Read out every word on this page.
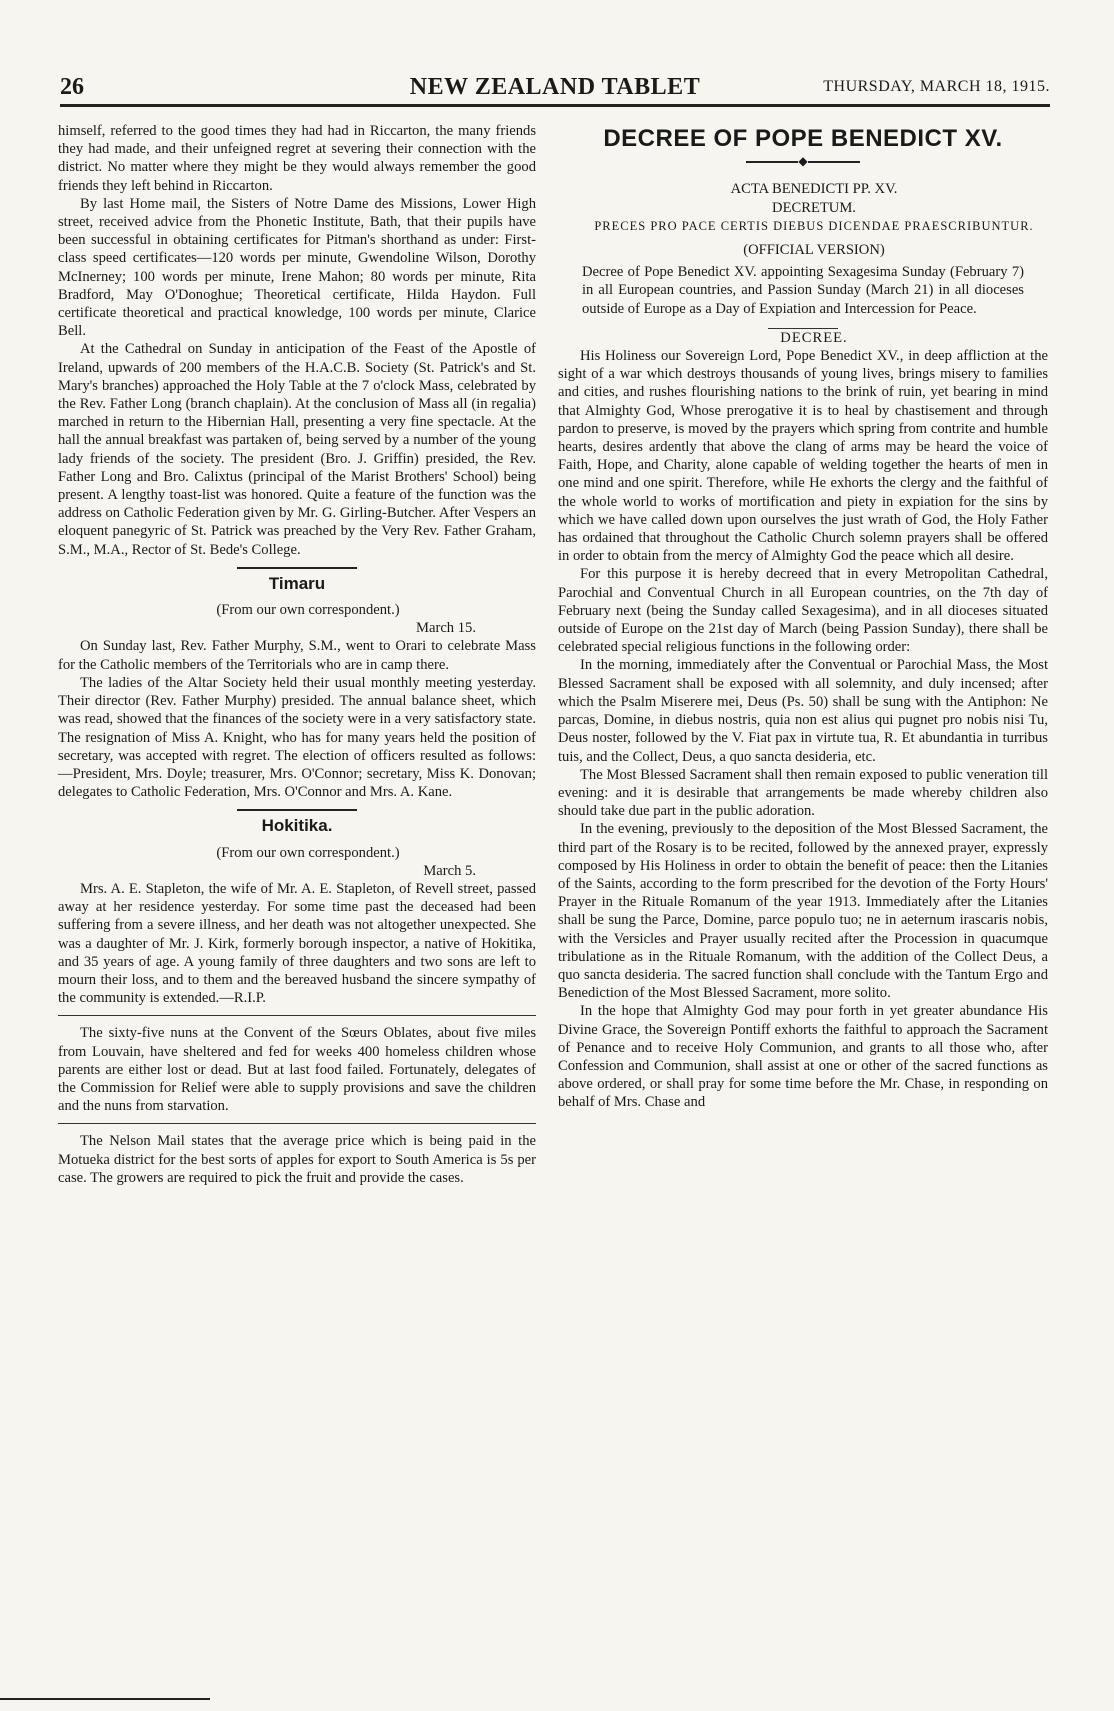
26	NEW ZEALAND TABLET	THURSDAY, MARCH 18, 1915.

himself, referred to the good times they had had in Riccarton, the many friends they had made, and their unfeigned regret at severing their connection with the district. No matter where they might be they would always remember the good friends they left behind in Riccarton.

By last Home mail, the Sisters of Notre Dame des Missions, Lower High street, received advice from the Phonetic Institute, Bath, that their pupils have been successful in obtaining certificates for Pitman's shorthand as under: First-class speed certificates—120 words per minute, Gwendoline Wilson, Dorothy McInerney; 100 words per minute, Irene Mahon; 80 words per minute, Rita Bradford, May O'Donoghue; Theoretical certificate, Hilda Haydon. Full certificate theoretical and practical knowledge, 100 words per minute, Clarice Bell.

At the Cathedral on Sunday in anticipation of the Feast of the Apostle of Ireland, upwards of 200 members of the H.A.C.B. Society (St. Patrick's and St. Mary's branches) approached the Holy Table at the 7 o'clock Mass, celebrated by the Rev. Father Long (branch chaplain). At the conclusion of Mass all (in regalia) marched in return to the Hibernian Hall, presenting a very fine spectacle. At the hall the annual breakfast was partaken of, being served by a number of the young lady friends of the society. The president (Bro. J. Griffin) presided, the Rev. Father Long and Bro. Calixtus (principal of the Marist Brothers' School) being present. A lengthy toast-list was honored. Quite a feature of the function was the address on Catholic Federation given by Mr. G. Girling-Butcher. After Vespers an eloquent panegyric of St. Patrick was preached by the Very Rev. Father Graham, S.M., M.A., Rector of St. Bede's College.

Timaru

(From our own correspondent.)

March 15.

On Sunday last, Rev. Father Murphy, S.M., went to Orari to celebrate Mass for the Catholic members of the Territorials who are in camp there.

The ladies of the Altar Society held their usual monthly meeting yesterday. Their director (Rev. Father Murphy) presided. The annual balance sheet, which was read, showed that the finances of the society were in a very satisfactory state. The resignation of Miss A. Knight, who has for many years held the position of secretary, was accepted with regret. The election of officers resulted as follows:—President, Mrs. Doyle; treasurer, Mrs. O'Connor; secretary, Miss K. Donovan; delegates to Catholic Federation, Mrs. O'Connor and Mrs. A. Kane.

Hokitika.

(From our own correspondent.)

March 5.

Mrs. A. E. Stapleton, the wife of Mr. A. E. Stapleton, of Revell street, passed away at her residence yesterday. For some time past the deceased had been suffering from a severe illness, and her death was not altogether unexpected. She was a daughter of Mr. J. Kirk, formerly borough inspector, a native of Hokitika, and 35 years of age. A young family of three daughters and two sons are left to mourn their loss, and to them and the bereaved husband the sincere sympathy of the community is extended.—R.I.P.

The sixty-five nuns at the Convent of the Sœurs Oblates, about five miles from Louvain, have sheltered and fed for weeks 400 homeless children whose parents are either lost or dead. But at last food failed. Fortunately, delegates of the Commission for Relief were able to supply provisions and save the children and the nuns from starvation.

The Nelson Mail states that the average price which is being paid in the Motueka district for the best sorts of apples for export to South America is 5s per case. The growers are required to pick the fruit and provide the cases.

DECREE OF POPE BENEDICT XV.
◆

ACTA BENEDICTI PP. XV.

DECRETUM.

PRECES PRO PACE CERTIS DIEBUS DICENDAE PRAESCRIBUNTUR.

(OFFICIAL VERSION)

Decree of Pope Benedict XV. appointing Sexagesima Sunday (February 7) in all European countries, and Passion Sunday (March 21) in all dioceses outside of Europe as a Day of Expiation and Intercession for Peace.

DECREE.

His Holiness our Sovereign Lord, Pope Benedict XV., in deep affliction at the sight of a war which destroys thousands of young lives, brings misery to families and cities, and rushes flourishing nations to the brink of ruin, yet bearing in mind that Almighty God, Whose prerogative it is to heal by chastisement and through pardon to preserve, is moved by the prayers which spring from contrite and humble hearts, desires ardently that above the clang of arms may be heard the voice of Faith, Hope, and Charity, alone capable of welding together the hearts of men in one mind and one spirit. Therefore, while He exhorts the clergy and the faithful of the whole world to works of mortification and piety in expiation for the sins by which we have called down upon ourselves the just wrath of God, the Holy Father has ordained that throughout the Catholic Church solemn prayers shall be offered in order to obtain from the mercy of Almighty God the peace which all desire.

For this purpose it is hereby decreed that in every Metropolitan Cathedral, Parochial and Conventual Church in all European countries, on the 7th day of February next (being the Sunday called Sexagesima), and in all dioceses situated outside of Europe on the 21st day of March (being Passion Sunday), there shall be celebrated special religious functions in the following order:

In the morning, immediately after the Conventual or Parochial Mass, the Most Blessed Sacrament shall be exposed with all solemnity, and duly incensed; after which the Psalm Miserere mei, Deus (Ps. 50) shall be sung with the Antiphon: Ne parcas, Domine, in diebus nostris, quia non est alius qui pugnet pro nobis nisi Tu, Deus noster, followed by the V. Fiat pax in virtute tua, R. Et abundantia in turribus tuis, and the Collect, Deus, a quo sancta desideria, etc.

The Most Blessed Sacrament shall then remain exposed to public veneration till evening: and it is desirable that arrangements be made whereby children also should take due part in the public adoration.

In the evening, previously to the deposition of the Most Blessed Sacrament, the third part of the Rosary is to be recited, followed by the annexed prayer, expressly composed by His Holiness in order to obtain the benefit of peace: then the Litanies of the Saints, according to the form prescribed for the devotion of the Forty Hours' Prayer in the Rituale Romanum of the year 1913. Immediately after the Litanies shall be sung the Parce, Domine, parce populo tuo; ne in aeternum irascaris nobis, with the Versicles and Prayer usually recited after the Procession in quacumque tribulatione as in the Rituale Romanum, with the addition of the Collect Deus, a quo sancta desideria. The sacred function shall conclude with the Tantum Ergo and Benediction of the Most Blessed Sacrament, more solito.

In the hope that Almighty God may pour forth in yet greater abundance His Divine Grace, the Sovereign Pontiff exhorts the faithful to approach the Sacrament of Penance and to receive Holy Communion, and grants to all those who, after Confession and Communion, shall assist at one or other of the sacred functions as above ordered, or shall pray for some time before the Mr. Chase, in responding on behalf of Mrs. Chase and
